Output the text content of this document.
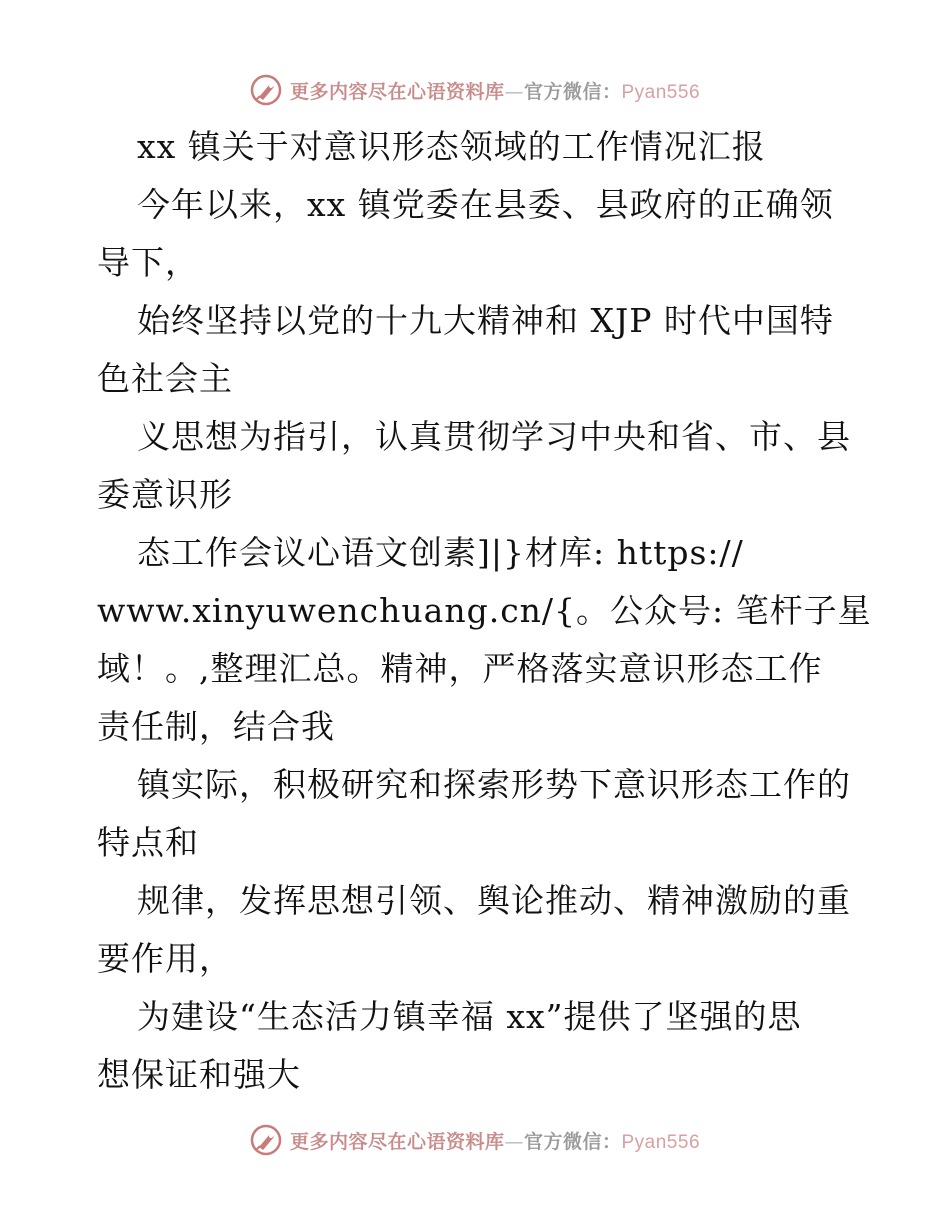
更多内容尽在心语资料库—官方微信：Pyan556
xx 镇关于对意识形态领域的工作情况汇报
今年以来，xx 镇党委在县委、县政府的正确领
导下，
始终坚持以党的十九大精神和 XJP 时代中国特
色社会主
义思想为指引，认真贯彻学习中央和省、市、县
委意识形
态工作会议心语文创素]|}材库: https://
www.xinyuwenchuang.cn/{。公众号: 笔杆子星
域！。,整理汇总。精神，严格落实意识形态工作
责任制，结合我
镇实际，积极研究和探索形势下意识形态工作的
特点和
规律，发挥思想引领、舆论推动、精神激励的重
要作用，
为建设“生态活力镇幸福 xx”提供了坚强的思
想保证和强大
更多内容尽在心语资料库—官方微信：Pyan556
